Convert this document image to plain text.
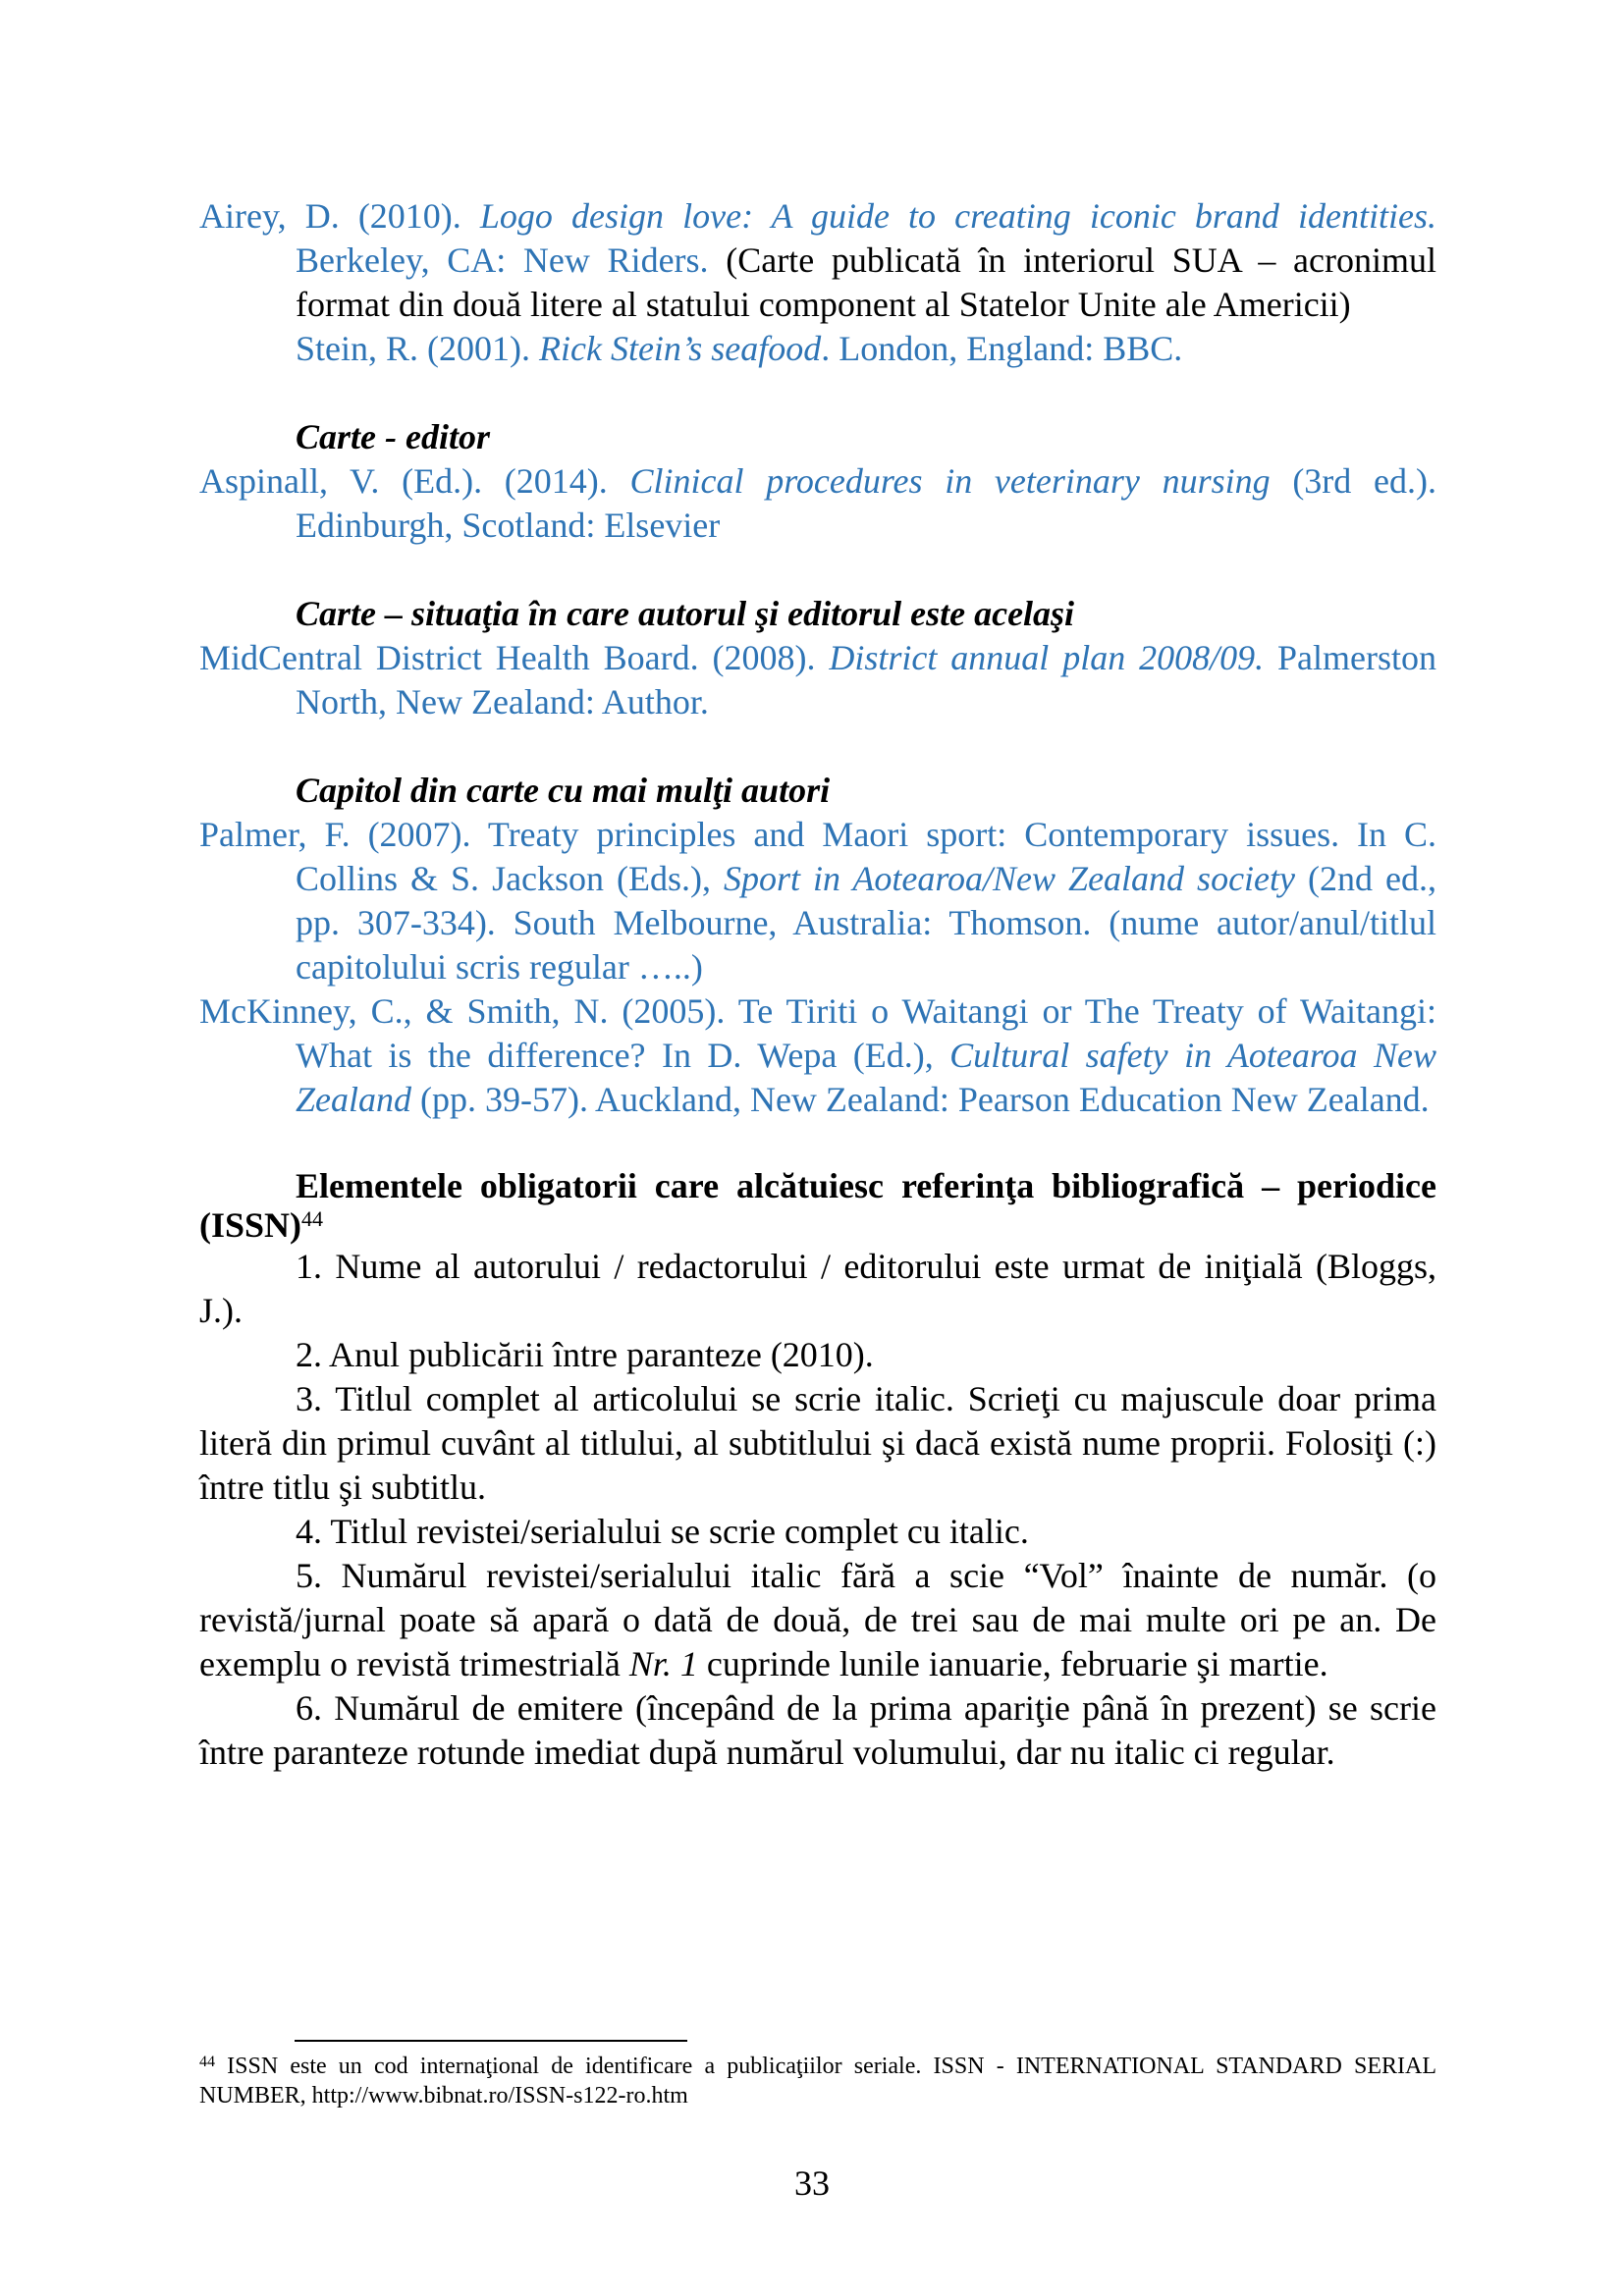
Airey, D. (2010). Logo design love: A guide to creating iconic brand identities. Berkeley, CA: New Riders. (Carte publicată în interiorul SUA – acronimul format din două litere al statului component al Statelor Unite ale Americii)

Stein, R. (2001). Rick Stein’s seafood. London, England: BBC.

Carte - editor

Aspinall, V. (Ed.). (2014). Clinical procedures in veterinary nursing (3rd ed.). Edinburgh, Scotland: Elsevier

Carte – situaţia în care autorul şi editorul este acelaşi

MidCentral District Health Board. (2008). District annual plan 2008/09. Palmerston North, New Zealand: Author.

Capitol din carte cu mai mulţi autori

Palmer, F. (2007). Treaty principles and Maori sport: Contemporary issues. In C. Collins & S. Jackson (Eds.), Sport in Aotearoa/New Zealand society (2nd ed., pp. 307-334). South Melbourne, Australia: Thomson. (nume autor/anul/titlul capitolului scris regular …..)

McKinney, C., & Smith, N. (2005). Te Tiriti o Waitangi or The Treaty of Waitangi: What is the difference? In D. Wepa (Ed.), Cultural safety in Aotearoa New Zealand (pp. 39-57). Auckland, New Zealand: Pearson Education New Zealand.

Elementele obligatorii care alcătuiesc referinţa bibliografică – periodice (ISSN)$^{44}$

1. Nume al autorului / redactorului / editorului este urmat de iniţială (Bloggs, J.).

2. Anul publicării între paranteze (2010).

3. Titlul complet al articolului se scrie italic. Scrieţi cu majuscule doar prima literă din primul cuvânt al titlului, al subtitlului şi dacă există nume proprii. Folosiţi (:) între titlu şi subtitlu.

4. Titlul revistei/serialului se scrie complet cu italic.

5. Numărul revistei/serialului italic fără a scie “Vol” înainte de număr. (o revistă/jurnal poate să apară o dată de două, de trei sau de mai multe ori pe an. De exemplu o revistă trimestrială Nr. 1 cuprinde lunile ianuarie, februarie şi martie.

6. Numărul de emitere (începând de la prima apariţie până în prezent) se scrie între paranteze rotunde imediat după numărul volumului, dar nu italic ci regular.

$^{44}$ ISSN este un cod internaţional de identificare a publicaţiilor seriale. ISSN - INTERNATIONAL STANDARD SERIAL NUMBER, http://www.bibnat.ro/ISSN-s122-ro.htm
33
